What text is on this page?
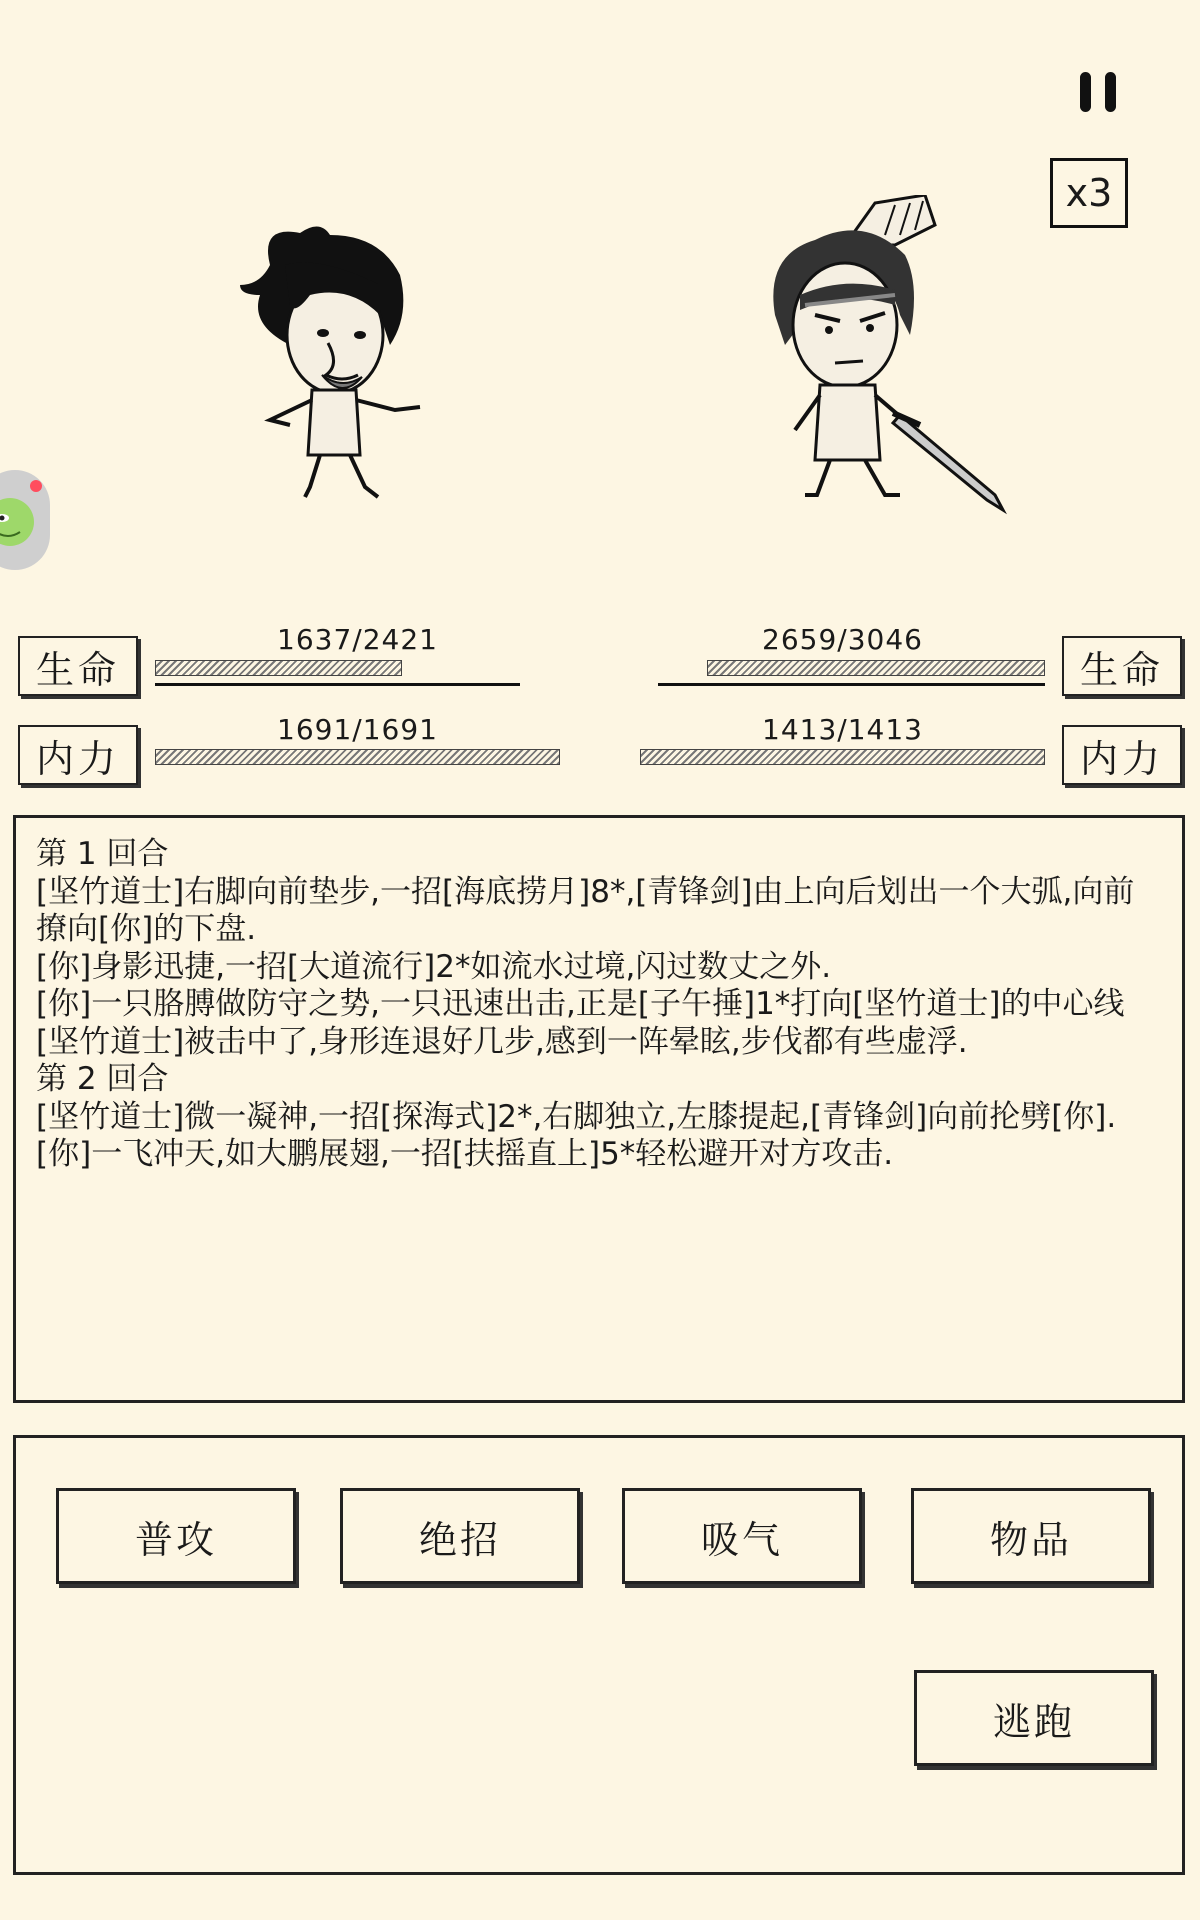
x3
生命
1637/2421
内力
1691/1691
生命
2659/3046
内力
1413/1413

第 1 回合

[坚竹道士]右脚向前垫步,一招[海底捞月]8*,[青锋剑]由上向后划出一个大弧,向前撩向[你]的下盘.

[你]身影迅捷,一招[大道流行]2*如流水过境,闪过数丈之外.

[你]一只胳膊做防守之势,一只迅速出击,正是[子午捶]1*打向[坚竹道士]的中心线

[坚竹道士]被击中了,身形连退好几步,感到一阵晕眩,步伐都有些虚浮.

第 2 回合

[坚竹道士]微一凝神,一招[探海式]2*,右脚独立,左膝提起,[青锋剑]向前抡劈[你].

[你]一飞冲天,如大鹏展翅,一招[扶摇直上]5*轻松避开对方攻击.

普攻	绝招	吸气	物品
逃跑
